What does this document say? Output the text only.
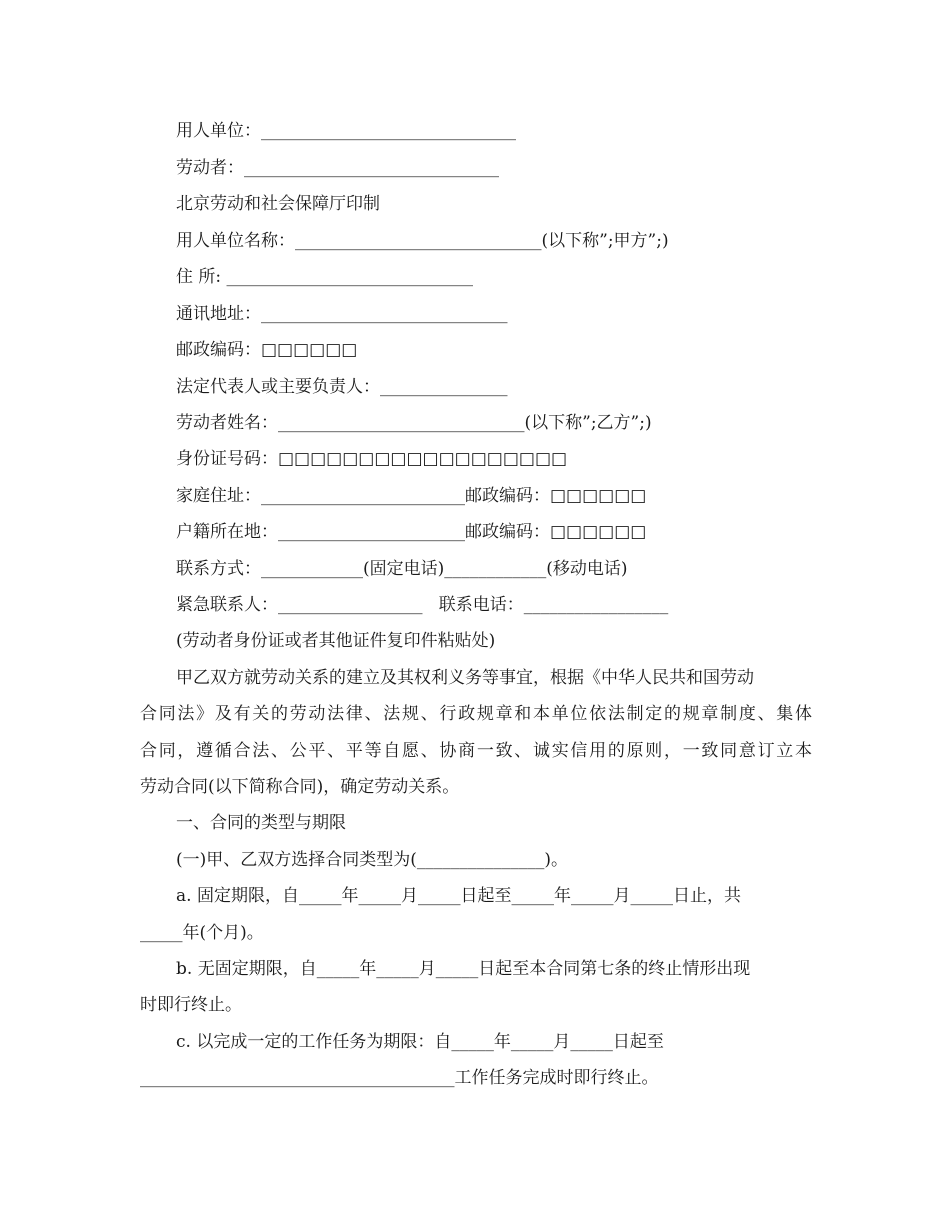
用人单位：______________________________
劳动者：______________________________
北京劳动和社会保障厅印制
用人单位名称：_____________________________(以下称”;甲方”;)
住 所: _____________________________
通讯地址：_____________________________
邮政编码：□□□□□□
法定代表人或主要负责人：_______________
劳动者姓名：_____________________________(以下称”;乙方”;)
身份证号码：□□□□□□□□□□□□□□□□□□
家庭住址：________________________邮政编码：□□□□□□
户籍所在地：______________________邮政编码：□□□□□□
联系方式：____________(固定电话)____________(移动电话)
紧急联系人：_________________   联系电话：_________________
(劳动者身份证或者其他证件复印件粘贴处)
甲乙双方就劳动关系的建立及其权利义务等事宜，根据《中华人民共和国劳动
合同法》及有关的劳动法律、法规、行政规章和本单位依法制定的规章制度、集体
合同，遵循合法、公平、平等自愿、协商一致、诚实信用的原则，一致同意订立本
劳动合同(以下简称合同)，确定劳动关系。
一、合同的类型与期限
(一)甲、乙双方选择合同类型为(_______________)。
a. 固定期限，自_____年_____月_____日起至_____年_____月_____日止，共
_____年(个月)。
b. 无固定期限，自_____年_____月_____日起至本合同第七条的终止情形出现
时即行终止。
c. 以完成一定的工作任务为期限：自_____年_____月_____日起至
_____________________________________工作任务完成时即行终止。
